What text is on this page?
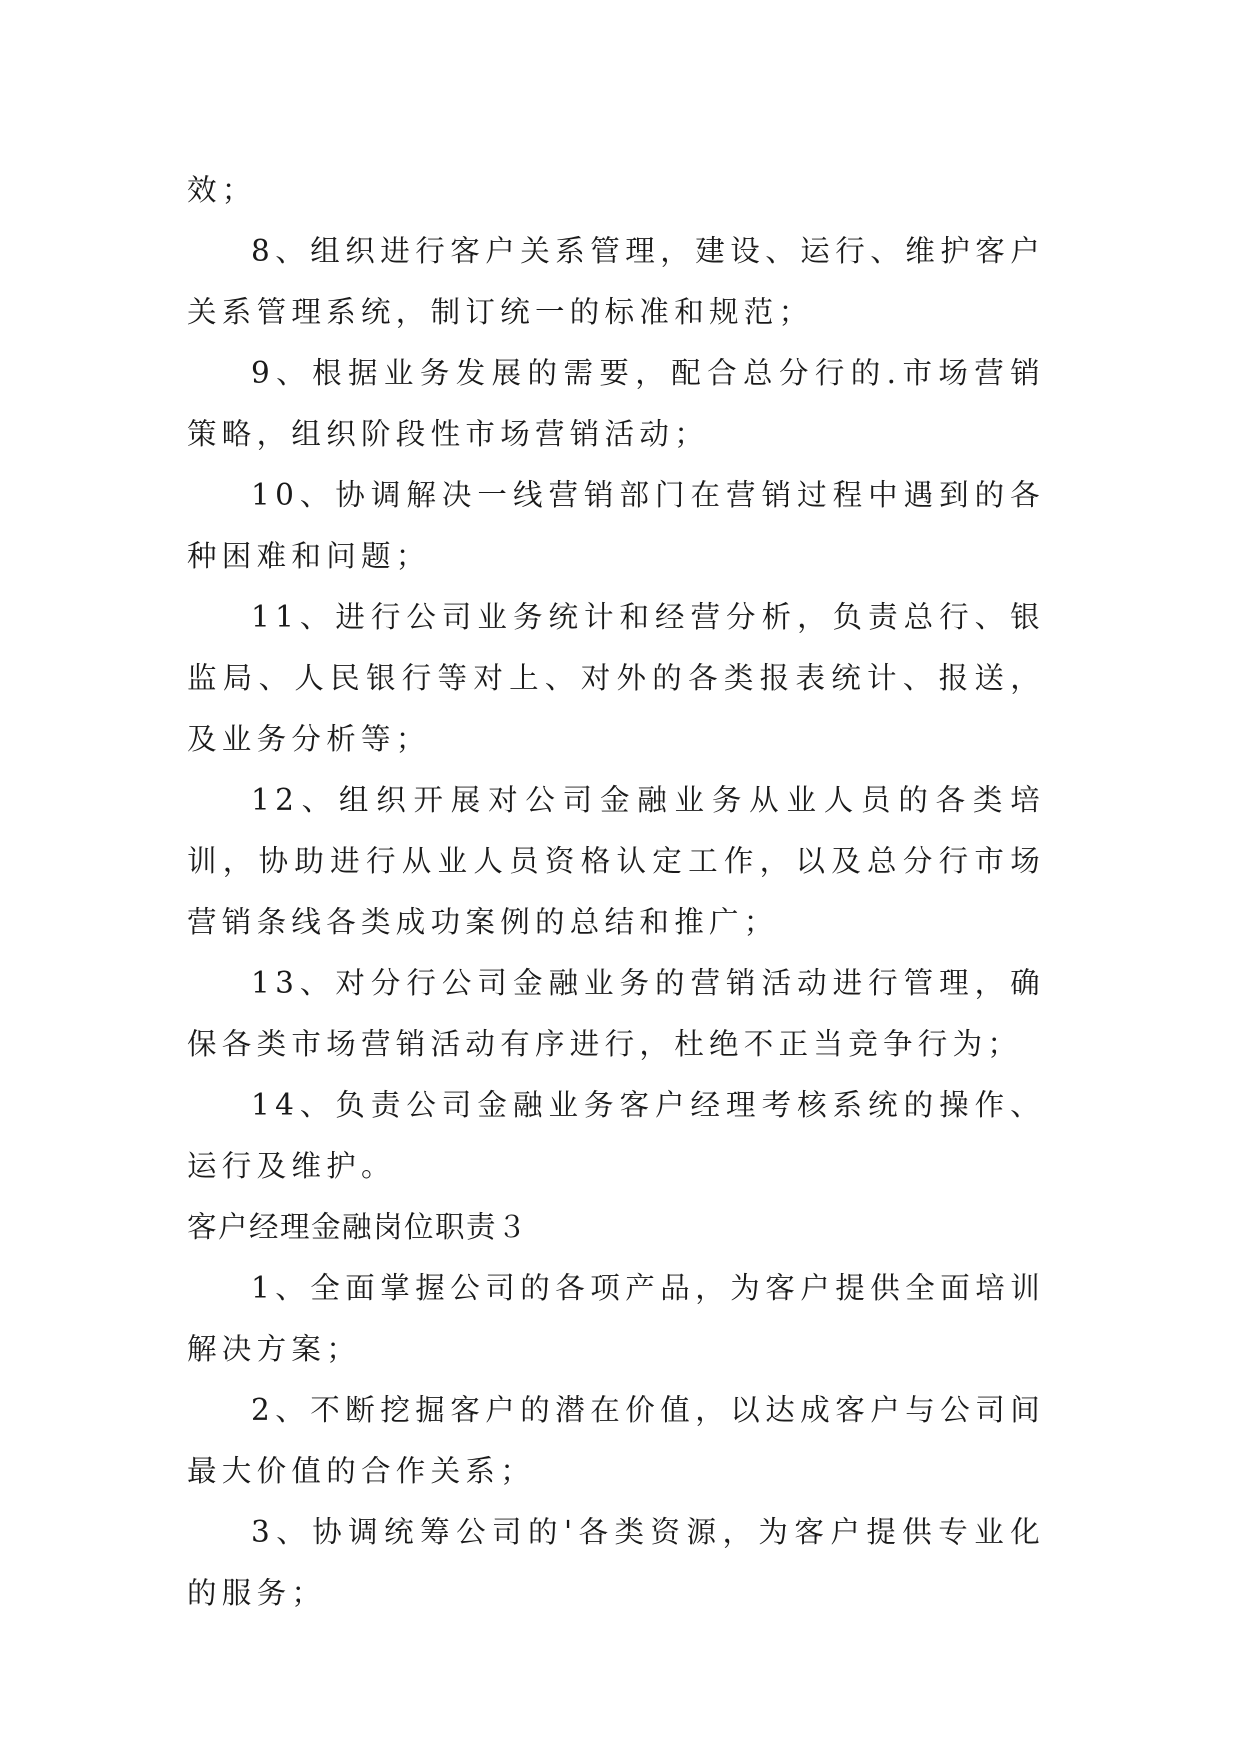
效；

8、组织进行客户关系管理，建设、运行、维护客户关系管理系统，制订统一的标准和规范；

9、根据业务发展的需要，配合总分行的.市场营销策略，组织阶段性市场营销活动；

10、协调解决一线营销部门在营销过程中遇到的各种困难和问题；

11、进行公司业务统计和经营分析，负责总行、银监局、人民银行等对上、对外的各类报表统计、报送，及业务分析等；

12、组织开展对公司金融业务从业人员的各类培训，协助进行从业人员资格认定工作，以及总分行市场营销条线各类成功案例的总结和推广；

13、对分行公司金融业务的营销活动进行管理，确保各类市场营销活动有序进行，杜绝不正当竞争行为；

14、负责公司金融业务客户经理考核系统的操作、运行及维护。

客户经理金融岗位职责３

1、全面掌握公司的各项产品，为客户提供全面培训解决方案；

2、不断挖掘客户的潜在价值，以达成客户与公司间最大价值的合作关系；

3、协调统筹公司的'各类资源，为客户提供专业化的服务；
